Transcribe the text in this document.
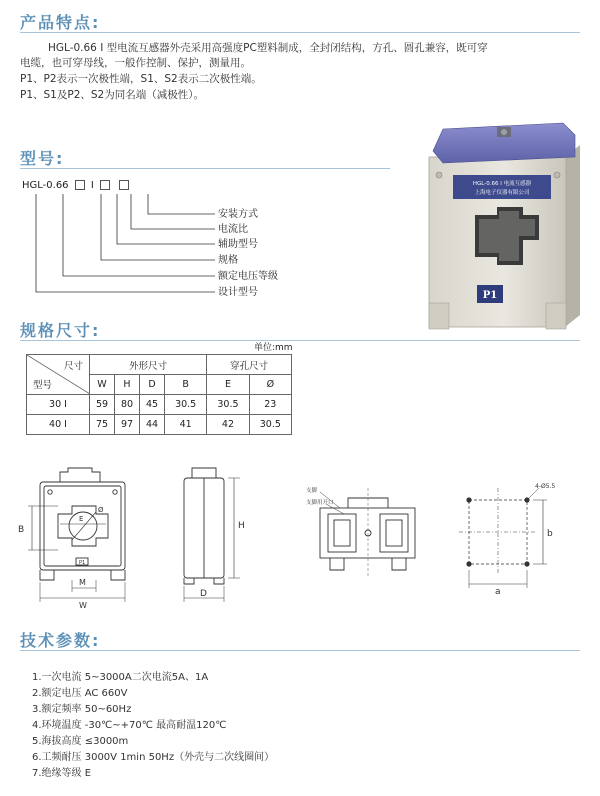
产品特点:
HGL-0.66 I 型电流互感器外壳采用高强度PC塑料制成，全封闭结构，方孔、圆孔兼容，既可穿
电缆，也可穿母线，一般作控制、保护，测量用。
P1、P2表示一次极性端，S1、S2表示二次极性端。
P1、S1及P2、S2为同名端（减极性）。
型号:
HGL-0.66 I
安装方式
电流比
辅助型号
规格
额定电压等级
设计型号
HGL-0.66 I 电流互感器
上海电子仪器有限公司
P1
规格尺寸:
单位:mm
尺寸
型号	外形尺寸				穿孔尺寸	
	W	H	D	B	E	Ø
30 I	59	80	45	30.5	30.5	23
40 I	75	97	44	41	42	30.5
E
Ø
B
M
W
P1
H
D
支脚
支脚用开口
4-Ø5.5
b
a
技术参数:
1.一次电流 5~3000A二次电流5A、1A
2.额定电压 AC 660V
3.额定频率 50~60Hz
4.环境温度 -30℃~+70℃ 最高耐温120℃
5.海拔高度 ≤3000m
6.工频耐压 3000V 1min 50Hz（外壳与二次线圈间）
7.绝缘等级 E
